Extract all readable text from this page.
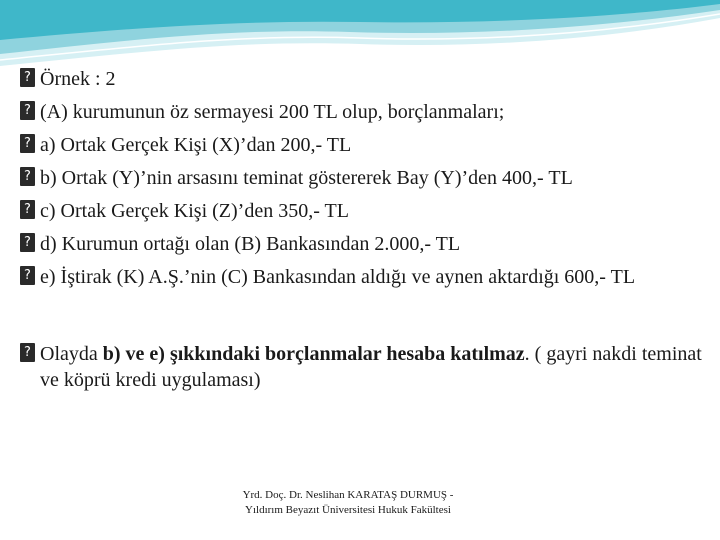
? Örnek : 2
? (A) kurumunun öz sermayesi 200 TL olup, borçlanmaları;
? a) Ortak Gerçek Kişi (X)’dan 200,- TL
? b) Ortak (Y)’nin arsasını teminat göstererek Bay (Y)’den 400,- TL
? c) Ortak Gerçek Kişi (Z)’den 350,- TL
? d) Kurumun ortağı olan (B) Bankasından 2.000,- TL
? e) İştirak (K) A.Ş.’nin (C) Bankasından aldığı ve aynen aktardığı 600,- TL
? Olayda b) ve e) şıkkındaki borçlanmalar hesaba katılmaz. ( gayri nakdi teminat ve köprü kredi uygulaması)
Yrd. Doç. Dr. Neslihan KARATAŞ DURMUŞ -
Yıldırım Beyazıt Üniversitesi Hukuk Fakültesi
